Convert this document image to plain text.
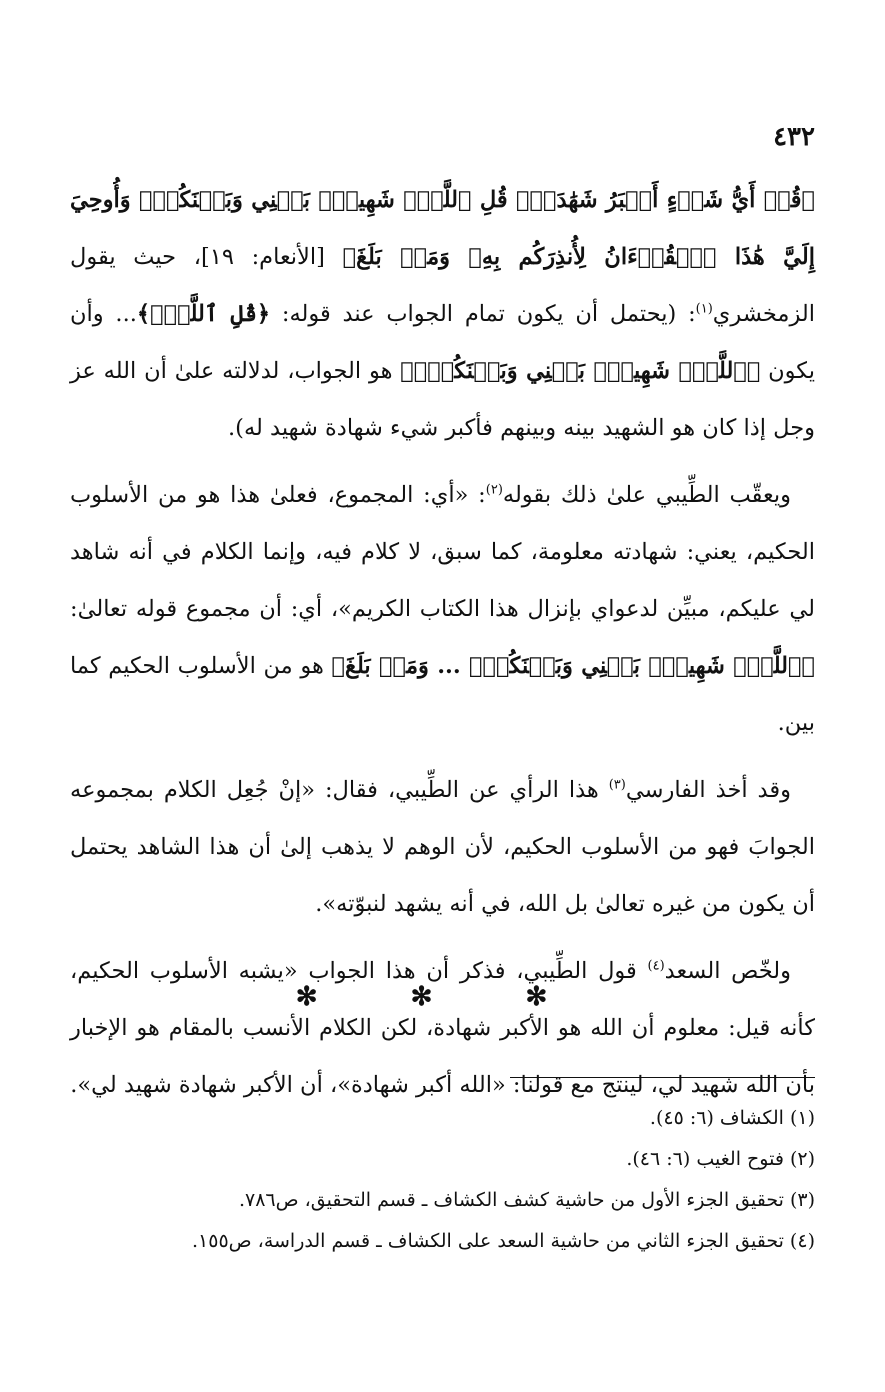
٤٣٢

﴿قُلۡ أَيُّ شَيۡءٍ أَكۡبَرُ شَهَٰدَةٗۖ قُلِ ٱللَّهُۖ شَهِيدُۢ بَيۡنِي وَبَيۡنَكُمۡۚ وَأُوحِيَ إِلَيَّ هَٰذَا ٱلۡقُرۡءَانُ لِأُنذِرَكُم بِهِۦ وَمَنۢ بَلَغَ﴾ [الأنعام: ١٩]، حيث يقول الزمخشري$^{(١)}$: (يحتمل أن يكون تمام الجواب عند قوله: ﴿قُلِ ٱللَّهُۖ﴾... وأن يكون ﴿ٱللَّهُۖ شَهِيدُۢ بَيۡنِي وَبَيۡنَكُمۡۚ﴾ هو الجواب، لدلالته علىٰ أن الله عز وجل إذا كان هو الشهيد بينه وبينهم فأكبر شيء شهادة شهيد له).

ويعقّب الطِّيبي علىٰ ذلك بقوله$^{(٢)}$: «أي: المجموع، فعلىٰ هذا هو من الأسلوب الحكيم، يعني: شهادته معلومة، كما سبق، لا كلام فيه، وإنما الكلام في أنه شاهد لي عليكم، مبيِّن لدعواي بإنزال هذا الكتاب الكريم»، أي: أن مجموع قوله تعالىٰ: ﴿ٱللَّهُۖ شَهِيدُۢ بَيۡنِي وَبَيۡنَكُمۡۚ ... وَمَنۢ بَلَغَ﴾ هو من الأسلوب الحكيم كما بين.

وقد أخذ الفارسي$^{(٣)}$ هذا الرأي عن الطِّيبي، فقال: «إنْ جُعِل الكلام بمجموعه الجوابَ فهو من الأسلوب الحكيم، لأن الوهم لا يذهب إلىٰ أن هذا الشاهد يحتمل أن يكون من غيره تعالىٰ بل الله، في أنه يشهد لنبوّته».

ولخّص السعد$^{(٤)}$ قول الطِّيبي، فذكر أن هذا الجواب «يشبه الأسلوب الحكيم، كأنه قيل: معلوم أن الله هو الأكبر شهادة، لكن الكلام الأنسب بالمقام هو الإخبار بأن الله شهيد لي، لينتج مع قولنا: «الله أكبر شهادة»، أن الأكبر شهادة شهيد لي».

✻ ✻ ✻

(١) الكشاف (٦: ٤٥).

(٢) فتوح الغيب (٦: ٤٦).

(٣) تحقيق الجزء الأول من حاشية كشف الكشاف ـ قسم التحقيق، ص٧٨٦.

(٤) تحقيق الجزء الثاني من حاشية السعد على الكشاف ـ قسم الدراسة، ص١٥٥.
